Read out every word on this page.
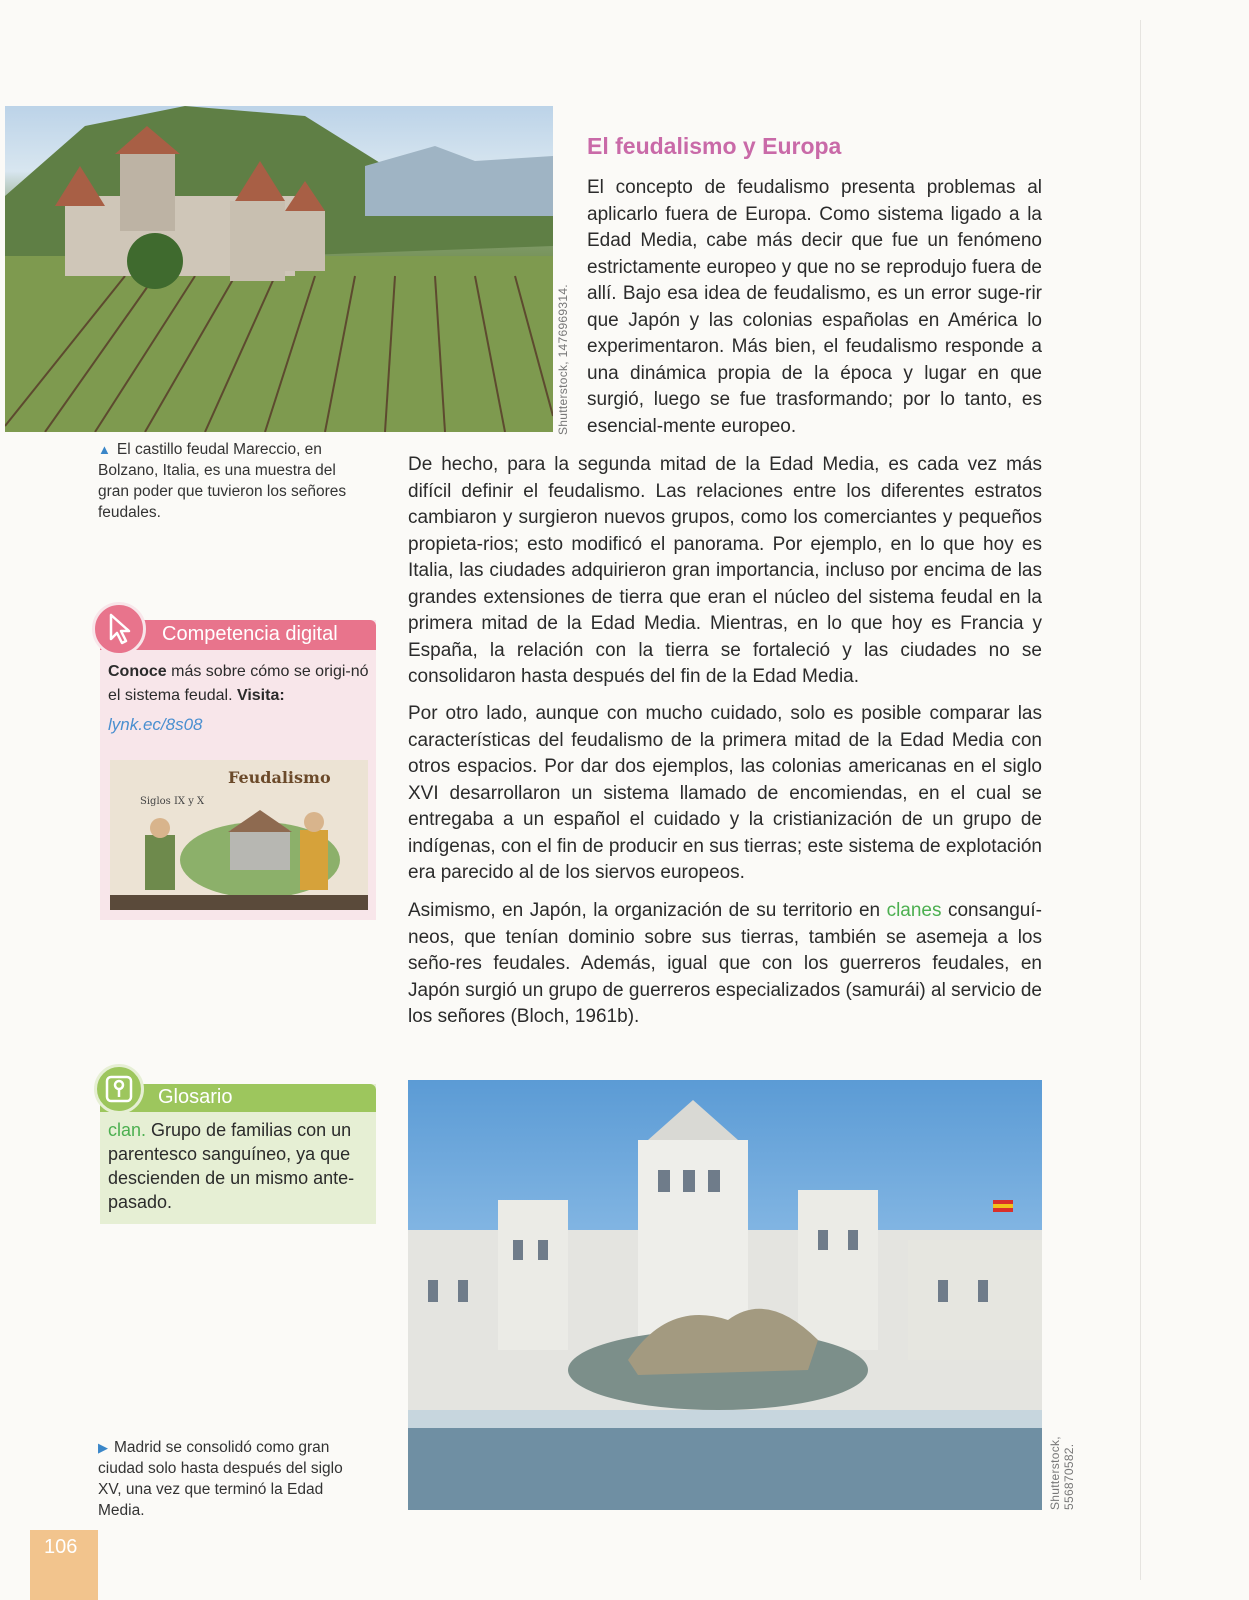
Shutterstock, 1476969314.
▲ El castillo feudal Mareccio, en Bolzano, Italia, es una muestra del gran poder que tuvieron los señores feudales.
El feudalismo y Europa

El concepto de feudalismo presenta problemas al aplicarlo fuera de Europa. Como sistema ligado a la Edad Media, cabe más decir que fue un fenómeno estrictamente europeo y que no se reprodujo fuera de allí. Bajo esa idea de feudalismo, es un error suge-rir que Japón y las colonias españolas en América lo experimentaron. Más bien, el feudalismo responde a una dinámica propia de la época y lugar en que surgió, luego se fue trasformando; por lo tanto, es esencial-mente europeo.

De hecho, para la segunda mitad de la Edad Media, es cada vez más difícil definir el feudalismo. Las relaciones entre los diferentes estratos cambiaron y surgieron nuevos grupos, como los comerciantes y pequeños propieta-rios; esto modificó el panorama. Por ejemplo, en lo que hoy es Italia, las ciudades adquirieron gran importancia, incluso por encima de las grandes extensiones de tierra que eran el núcleo del sistema feudal en la primera mitad de la Edad Media. Mientras, en lo que hoy es Francia y España, la relación con la tierra se fortaleció y las ciudades no se consolidaron hasta después del fin de la Edad Media.

Por otro lado, aunque con mucho cuidado, solo es posible comparar las características del feudalismo de la primera mitad de la Edad Media con otros espacios. Por dar dos ejemplos, las colonias americanas en el siglo XVI desarrollaron un sistema llamado de encomiendas, en el cual se entregaba a un español el cuidado y la cristianización de un grupo de indígenas, con el fin de producir en sus tierras; este sistema de explotación era parecido al de los siervos europeos.

Asimismo, en Japón, la organización de su territorio en clanes consanguí-neos, que tenían dominio sobre sus tierras, también se asemeja a los seño-res feudales. Además, igual que con los guerreros feudales, en Japón surgió un grupo de guerreros especializados (samurái) al servicio de los señores (Bloch, 1961b).

Competencia digital
Conoce más sobre cómo se origi-nó el sistema feudal. Visita:
lynk.ec/8s08
Feudalismo
Siglos IX y X
Glosario
clan. Grupo de familias con un parentesco sanguíneo, ya que descienden de un mismo ante-pasado.
Shutterstock, 556870582.
▶ Madrid se consolidó como gran ciudad solo hasta después del siglo XV, una vez que terminó la Edad Media.
106
